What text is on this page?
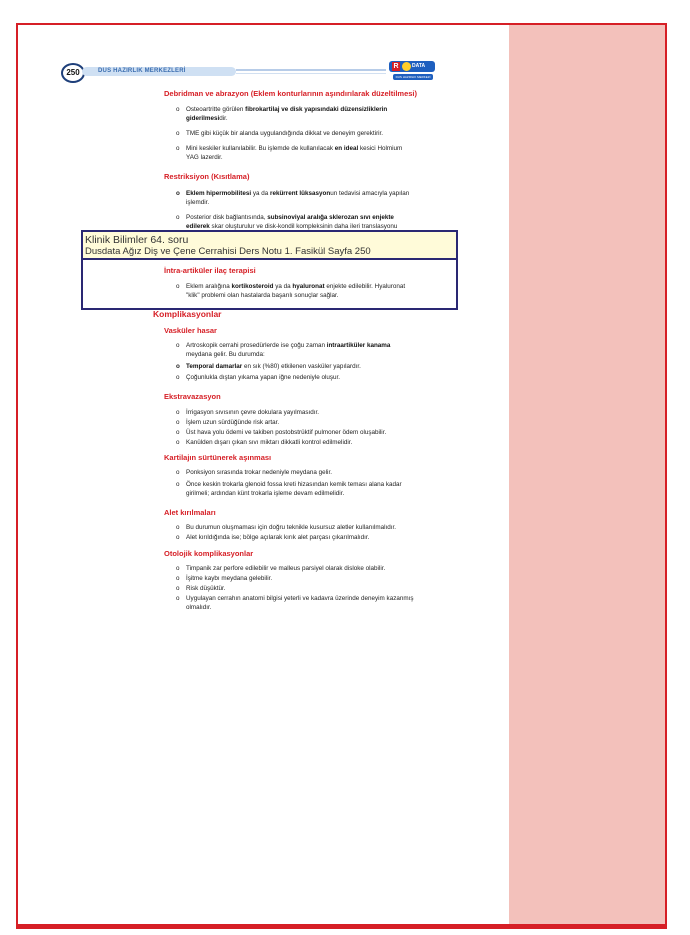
250	DUS HAZIRLIK MERKEZLERİ
R	DATA
DUS HAZIRLIK MERKEZİ
Debridman ve abrazyon (Eklem konturlarının aşındırılarak düzeltilmesi)
o Osteoartritte görülen fibrokartilaj ve disk yapısındaki düzensizliklerin
giderilmesidir.
o TME gibi küçük bir alanda uygulandığında dikkat ve deneyim gerektirir.
o Mini keskiler kullanılabilir. Bu işlemde de kullanılacak en ideal kesici Holmium
YAG lazerdir.
Restriksiyon (Kısıtlama)
o Eklem hipermobilitesi ya da rekürrent lüksasyonun tedavisi amacıyla yapılan
işlemdir.
o Posterior disk bağlantısında, subsinoviyal aralığa sklerozan sıvı enjekte
edilerek skar oluşturulur ve disk-kondil kompleksinin daha ileri translasyonu
İntra-artiküler ilaç terapisi
o Eklem aralığına kortikosteroid ya da hyaluronat enjekte edilebilir. Hyaluronat
"klik" problemi olan hastalarda başarılı sonuçlar sağlar.
Komplikasyonlar
Vasküler hasar
o Artroskopik cerrahi prosedürlerde ise çoğu zaman intraartiküler kanama
meydana gelir. Bu durumda:
o Temporal damarlar en sık (%80) etkilenen vasküler yapılardır.
o Çoğunlukla dıştan yıkama yapan iğne nedeniyle oluşur.
Ekstravazasyon
o İrrigasyon sıvısının çevre dokulara yayılmasıdır.
o İşlem uzun sürdüğünde risk artar.
o Üst hava yolu ödemi ve takiben postobstrüktif pulmoner ödem oluşabilir.
o Kanülden dışarı çıkan sıvı miktarı dikkatli kontrol edilmelidir.
Kartilajın sürtünerek aşınması
o Ponksiyon sırasında trokar nedeniyle meydana gelir.
o Önce keskin trokarla glenoid fossa kreti hizasından kemik teması alana kadar
girilmeli; ardından künt trokarla işleme devam edilmelidir.
Alet kırılmaları
o Bu durumun oluşmaması için doğru teknikle kusursuz aletler kullanılmalıdır.
o Alet kırıldığında ise; bölge açılarak kırık alet parçası çıkarılmalıdır.
Otolojik komplikasyonlar
o Timpanik zar perfore edilebilir ve malleus parsiyel olarak disloke olabilir.
o İşitme kaybı meydana gelebilir.
o Risk düşüktür.
o Uygulayan cerrahın anatomi bilgisi yeterli ve kadavra üzerinde deneyim kazanmış
olmalıdır.
Klinik Bilimler 64. soru
Dusdata Ağız Diş ve Çene Cerrahisi Ders Notu 1. Fasikül Sayfa 250
